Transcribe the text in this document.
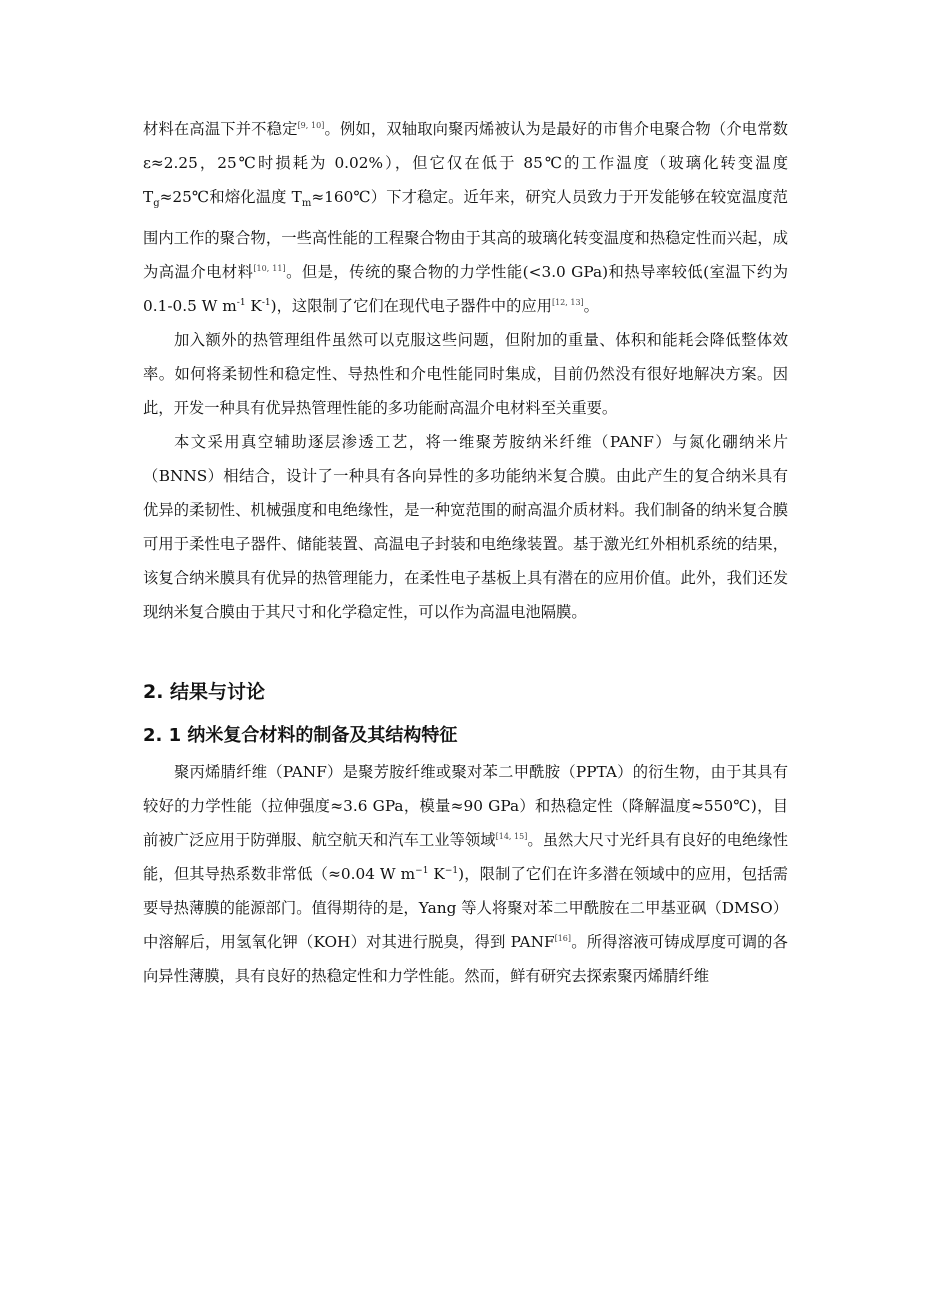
材料在高温下并不稳定[9, 10]。例如，双轴取向聚丙烯被认为是最好的市售介电聚合物（介电常数ε≈2.25，25℃时损耗为 0.02%），但它仅在低于 85℃的工作温度（玻璃化转变温度 $T_g\approx 25℃$和熔化温度 $T_m\approx 160℃$）下才稳定。近年来，研究人员致力于开发能够在较宽温度范围内工作的聚合物，一些高性能的工程聚合物由于其高的玻璃化转变温度和热稳定性而兴起，成为高温介电材料[10, 11]。但是，传统的聚合物的力学性能(<3.0 GPa)和热导率较低(室温下约为 0.1-0.5 W $m^{-1}$ $K^{-1}$)，这限制了它们在现代电子器件中的应用[12, 13]。

加入额外的热管理组件虽然可以克服这些问题，但附加的重量、体积和能耗会降低整体效率。如何将柔韧性和稳定性、导热性和介电性能同时集成，目前仍然没有很好地解决方案。因此，开发一种具有优异热管理性能的多功能耐高温介电材料至关重要。

本文采用真空辅助逐层渗透工艺，将一维聚芳胺纳米纤维（PANF）与氮化硼纳米片（BNNS）相结合，设计了一种具有各向异性的多功能纳米复合膜。由此产生的复合纳米具有优异的柔韧性、机械强度和电绝缘性，是一种宽范围的耐高温介质材料。我们制备的纳米复合膜可用于柔性电子器件、储能装置、高温电子封装和电绝缘装置。基于激光红外相机系统的结果，该复合纳米膜具有优异的热管理能力，在柔性电子基板上具有潜在的应用价值。此外，我们还发现纳米复合膜由于其尺寸和化学稳定性，可以作为高温电池隔膜。

2. 结果与讨论
2. 1 纳米复合材料的制备及其结构特征

聚丙烯腈纤维（PANF）是聚芳胺纤维或聚对苯二甲酰胺（PPTA）的衍生物，由于其具有较好的力学性能（拉伸强度≈3.6 GPa，模量≈90 GPa）和热稳定性（降解温度≈550℃)，目前被广泛应用于防弹服、航空航天和汽车工业等领域[14, 15]。虽然大尺寸光纤具有良好的电绝缘性能，但其导热系数非常低（≈0.04 W $m^{-1}$ $K^{-1}$)，限制了它们在许多潜在领域中的应用，包括需要导热薄膜的能源部门。值得期待的是，Yang 等人将聚对苯二甲酰胺在二甲基亚砜（DMSO）中溶解后，用氢氧化钾（KOH）对其进行脱臭，得到 PANF[16]。所得溶液可铸成厚度可调的各向异性薄膜，具有良好的热稳定性和力学性能。然而，鲜有研究去探索聚丙烯腈纤维
